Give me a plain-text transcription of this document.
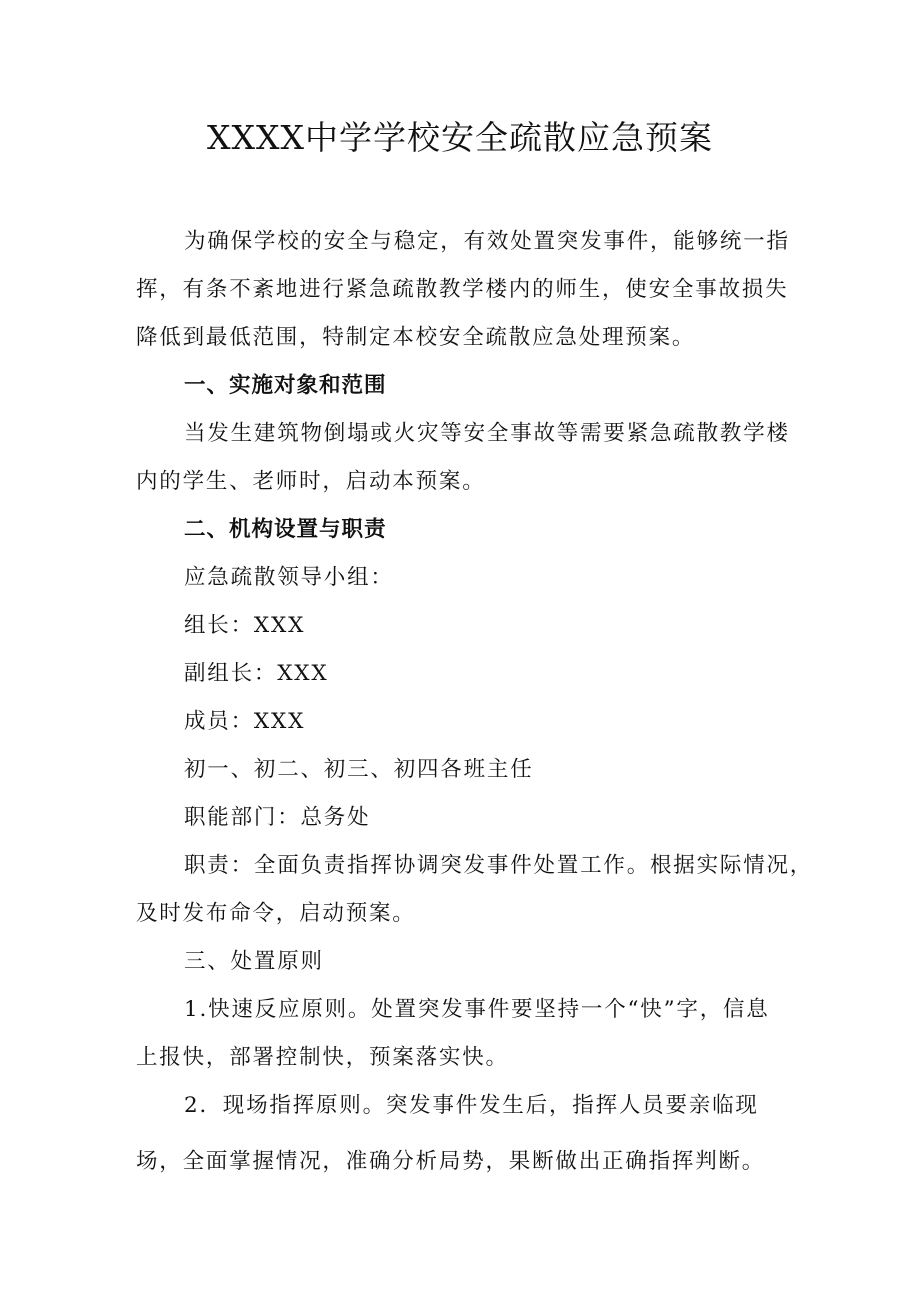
XXXX中学学校安全疏散应急预案
为确保学校的安全与稳定，有效处置突发事件，能够统一指
挥，有条不紊地进行紧急疏散教学楼内的师生，使安全事故损失
降低到最低范围，特制定本校安全疏散应急处理预案。
一、实施对象和范围
当发生建筑物倒塌或火灾等安全事故等需要紧急疏散教学楼
内的学生、老师时，启动本预案。
二、机构设置与职责
应急疏散领导小组：
组长：XXX
副组长：XXX
成员：XXX
初一、初二、初三、初四各班主任
职能部门：总务处
职责：全面负责指挥协调突发事件处置工作。根据实际情况，
及时发布命令，启动预案。
三、处置原则
1.快速反应原则。处置突发事件要坚持一个“快”字，信息
上报快，部署控制快，预案落实快。
2．现场指挥原则。突发事件发生后，指挥人员要亲临现
场，全面掌握情况，准确分析局势，果断做出正确指挥判断。
